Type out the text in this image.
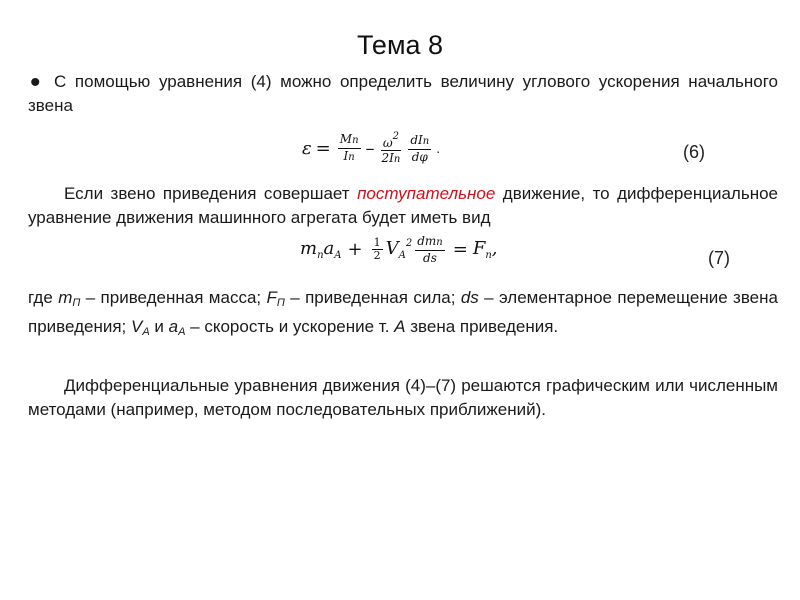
Тема 8
• С помощью уравнения (4) можно определить величину углового ускорения начального звена
$\varepsilon = \frac{Mn}{In} - \frac{\omega^2}{2In} \frac{\text{dIn}}{d\varphi}$ .	(6)
Если звено приведения совершает поступательное движение, то дифференциальное уравнение движения машинного агрегата будет иметь вид
$m_na_A + \frac{1}{2} V_A^2 \frac{\text{dmn}}{ds} = F_n$,	(7)
где $m_П$ – приведенная масса; $F_П$ – приведенная сила; ds – элементарное перемещение звена приведения; $V_A$ и $a_A$ – скорость и ускорение т. A звена приведения.
Дифференциальные уравнения движения (4)–(7) решаются графическим или численным методами (например, методом последовательных приближений).
